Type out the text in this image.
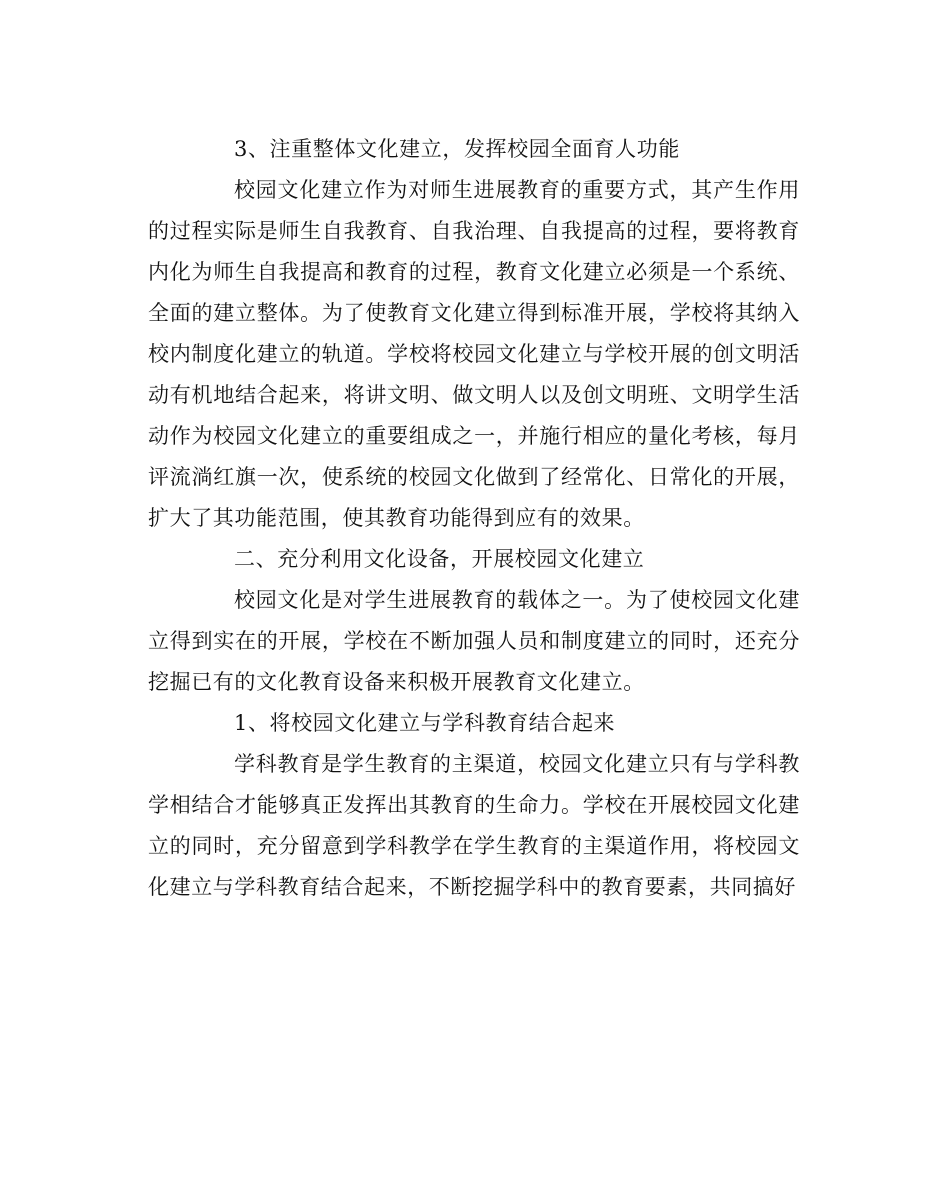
3、注重整体文化建立，发挥校园全面育人功能

校园文化建立作为对师生进展教育的重要方式，其产生作用的过程实际是师生自我教育、自我治理、自我提高的过程，要将教育内化为师生自我提高和教育的过程，教育文化建立必须是一个系统、全面的建立整体。为了使教育文化建立得到标准开展，学校将其纳入校内制度化建立的轨道。学校将校园文化建立与学校开展的创文明活动有机地结合起来，将讲文明、做文明人以及创文明班、文明学生活动作为校园文化建立的重要组成之一，并施行相应的量化考核，每月评流淌红旗一次，使系统的校园文化做到了经常化、日常化的开展，扩大了其功能范围，使其教育功能得到应有的效果。

二、充分利用文化设备，开展校园文化建立

校园文化是对学生进展教育的载体之一。为了使校园文化建立得到实在的开展，学校在不断加强人员和制度建立的同时，还充分挖掘已有的文化教育设备来积极开展教育文化建立。

1、将校园文化建立与学科教育结合起来

学科教育是学生教育的主渠道，校园文化建立只有与学科教学相结合才能够真正发挥出其教育的生命力。学校在开展校园文化建立的同时，充分留意到学科教学在学生教育的主渠道作用，将校园文化建立与学科教育结合起来，不断挖掘学科中的教育要素，共同搞好
